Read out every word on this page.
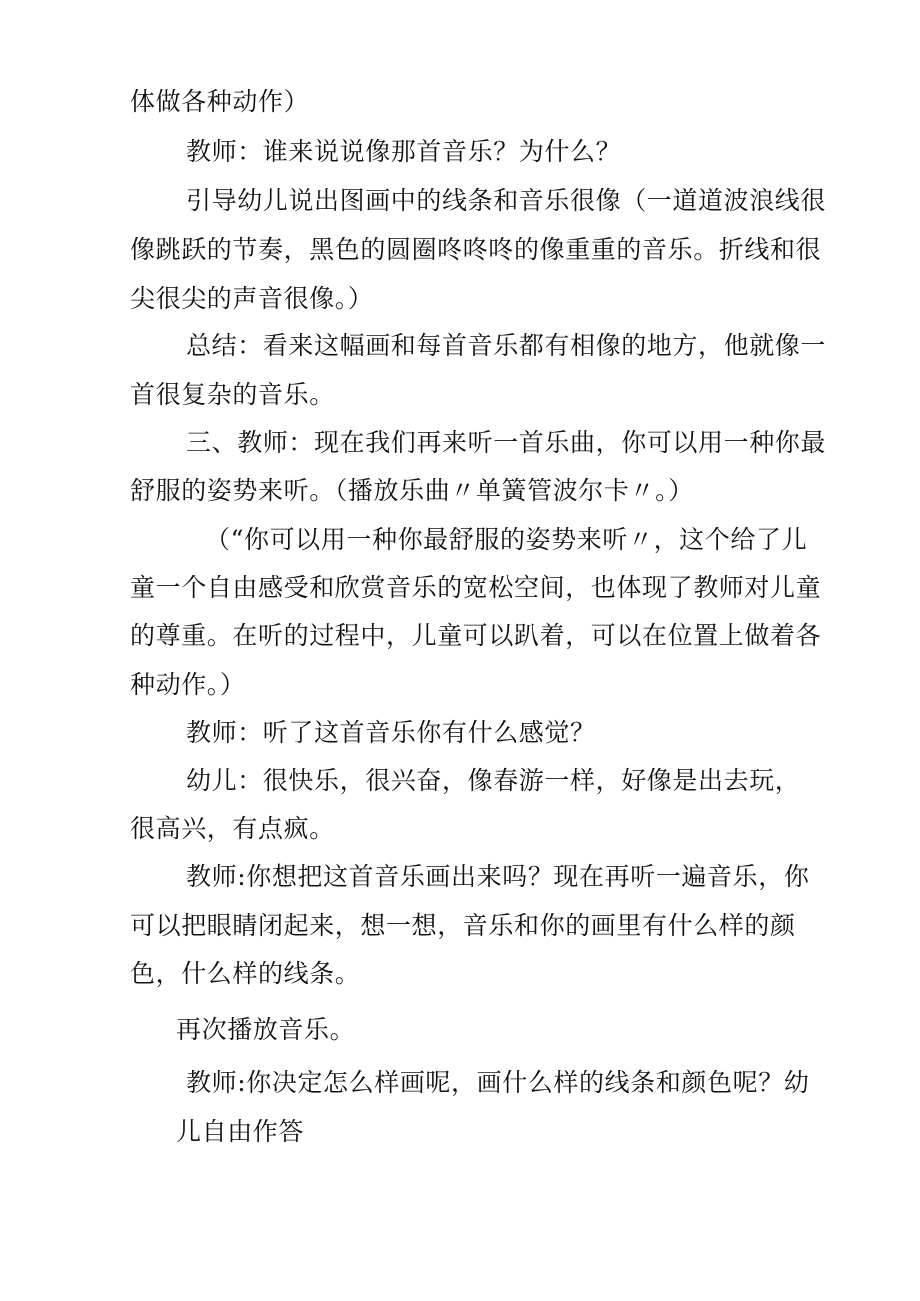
体做各种动作）
教师：谁来说说像那首音乐？为什么？
引导幼儿说出图画中的线条和音乐很像（一道道波浪线很
像跳跃的节奏，黑色的圆圈咚咚咚的像重重的音乐。折线和很
尖很尖的声音很像。）
总结：看来这幅画和每首音乐都有相像的地方，他就像一
首很复杂的音乐。
三、教师：现在我们再来听一首乐曲，你可以用一种你最
舒服的姿势来听。（播放乐曲〃单簧管波尔卡〃。）
（“你可以用一种你最舒服的姿势来听〃，这个给了儿
童一个自由感受和欣赏音乐的宽松空间，也体现了教师对儿童
的尊重。在听的过程中，儿童可以趴着，可以在位置上做着各
种动作。）
教师：听了这首音乐你有什么感觉？
幼儿：很快乐，很兴奋，像春游一样，好像是出去玩，
很高兴，有点疯。
教师:你想把这首音乐画出来吗？现在再听一遍音乐，你
可以把眼睛闭起来，想一想，音乐和你的画里有什么样的颜
色，什么样的线条。
再次播放音乐。
教师:你决定怎么样画呢，画什么样的线条和颜色呢？幼
儿自由作答
